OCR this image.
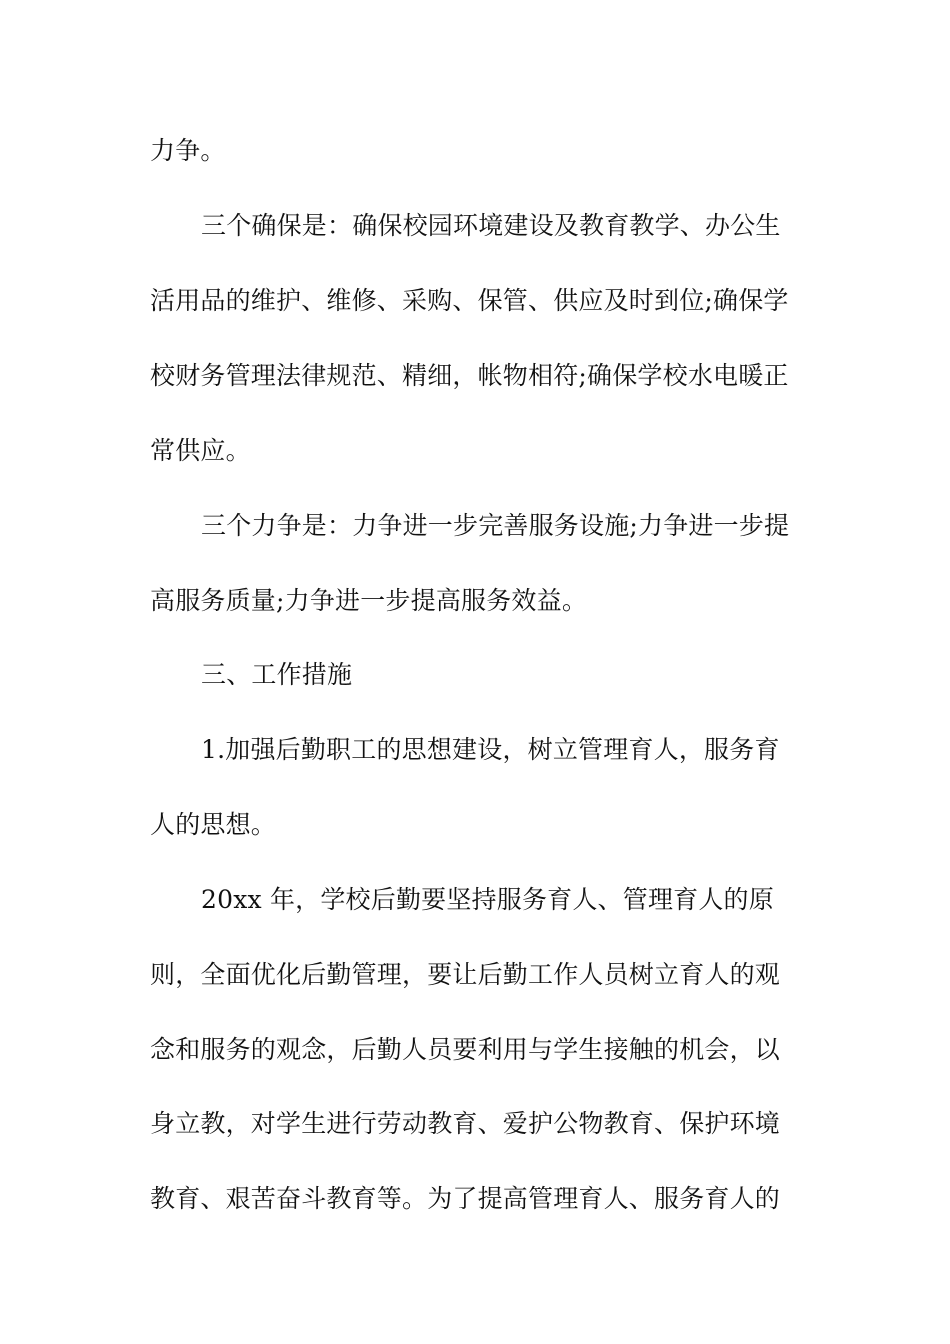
力争。
三个确保是：确保校园环境建设及教育教学、办公生
活用品的维护、维修、采购、保管、供应及时到位;确保学
校财务管理法律规范、精细，帐物相符;确保学校水电暖正
常供应。
三个力争是：力争进一步完善服务设施;力争进一步提
高服务质量;力争进一步提高服务效益。
三、工作措施
1.加强后勤职工的思想建设，树立管理育人，服务育
人的思想。
20xx 年，学校后勤要坚持服务育人、管理育人的原
则，全面优化后勤管理，要让后勤工作人员树立育人的观
念和服务的观念，后勤人员要利用与学生接触的机会，以
身立教，对学生进行劳动教育、爱护公物教育、保护环境
教育、艰苦奋斗教育等。为了提高管理育人、服务育人的
